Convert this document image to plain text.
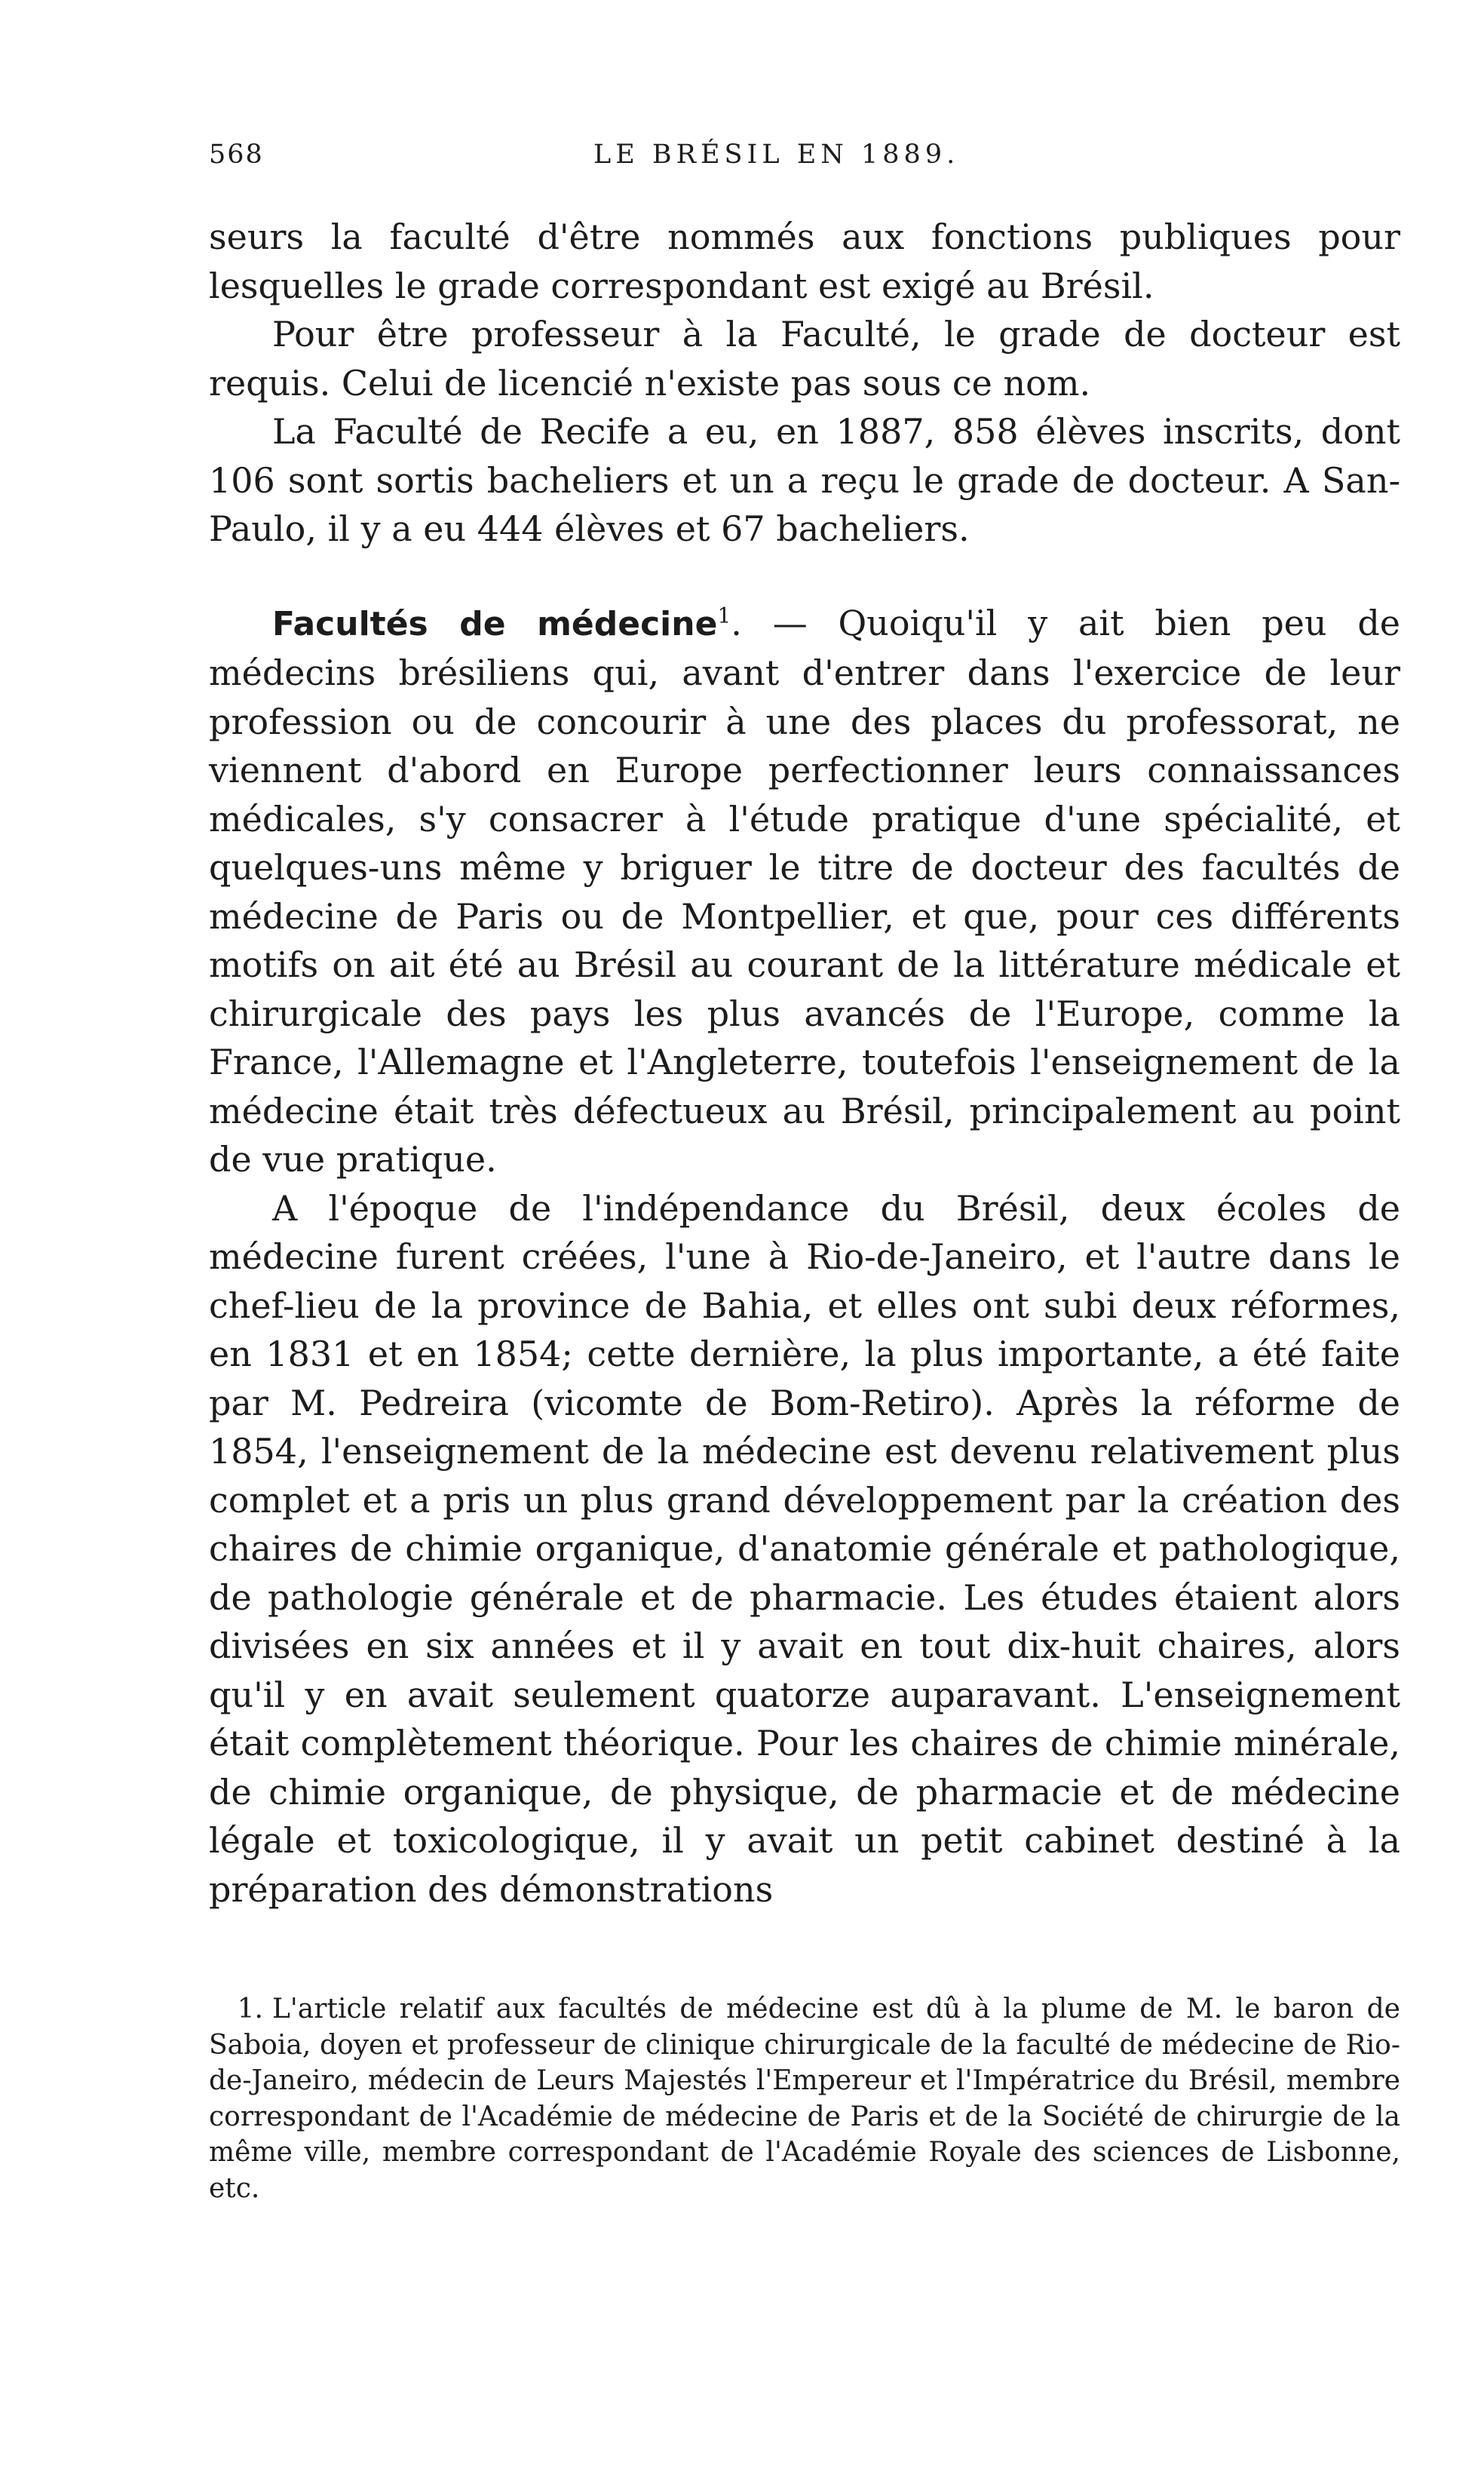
568	LE BRÉSIL EN 1889.

seurs la faculté d'être nommés aux fonctions publiques pour lesquelles le grade correspondant est exigé au Brésil.

Pour être professeur à la Faculté, le grade de docteur est requis. Celui de licencié n'existe pas sous ce nom.

La Faculté de Recife a eu, en 1887, 858 élèves inscrits, dont 106 sont sortis bacheliers et un a reçu le grade de docteur. A San-Paulo, il y a eu 444 élèves et 67 bacheliers.

Facultés de médecine$^1$. — Quoiqu'il y ait bien peu de médecins brésiliens qui, avant d'entrer dans l'exercice de leur profession ou de concourir à une des places du professorat, ne viennent d'abord en Europe perfectionner leurs connaissances médicales, s'y consacrer à l'étude pratique d'une spécialité, et quelques-uns même y briguer le titre de docteur des facultés de médecine de Paris ou de Montpellier, et que, pour ces différents motifs on ait été au Brésil au courant de la littérature médicale et chirurgicale des pays les plus avancés de l'Europe, comme la France, l'Allemagne et l'Angleterre, toutefois l'enseignement de la médecine était très défectueux au Brésil, principalement au point de vue pratique.

A l'époque de l'indépendance du Brésil, deux écoles de médecine furent créées, l'une à Rio-de-Janeiro, et l'autre dans le chef-lieu de la province de Bahia, et elles ont subi deux réformes, en 1831 et en 1854; cette dernière, la plus importante, a été faite par M. Pedreira (vicomte de Bom-Retiro). Après la réforme de 1854, l'enseignement de la médecine est devenu relativement plus complet et a pris un plus grand développement par la création des chaires de chimie organique, d'anatomie générale et pathologique, de pathologie générale et de pharmacie. Les études étaient alors divisées en six années et il y avait en tout dix-huit chaires, alors qu'il y en avait seulement quatorze auparavant. L'enseignement était complètement théorique. Pour les chaires de chimie minérale, de chimie organique, de physique, de pharmacie et de médecine légale et toxicologique, il y avait un petit cabinet destiné à la préparation des démonstrations

1. L'article relatif aux facultés de médecine est dû à la plume de M. le baron de Saboia, doyen et professeur de clinique chirurgicale de la faculté de médecine de Rio-de-Janeiro, médecin de Leurs Majestés l'Empereur et l'Impératrice du Brésil, membre correspondant de l'Académie de médecine de Paris et de la Société de chirurgie de la même ville, membre correspondant de l'Académie Royale des sciences de Lisbonne, etc.
